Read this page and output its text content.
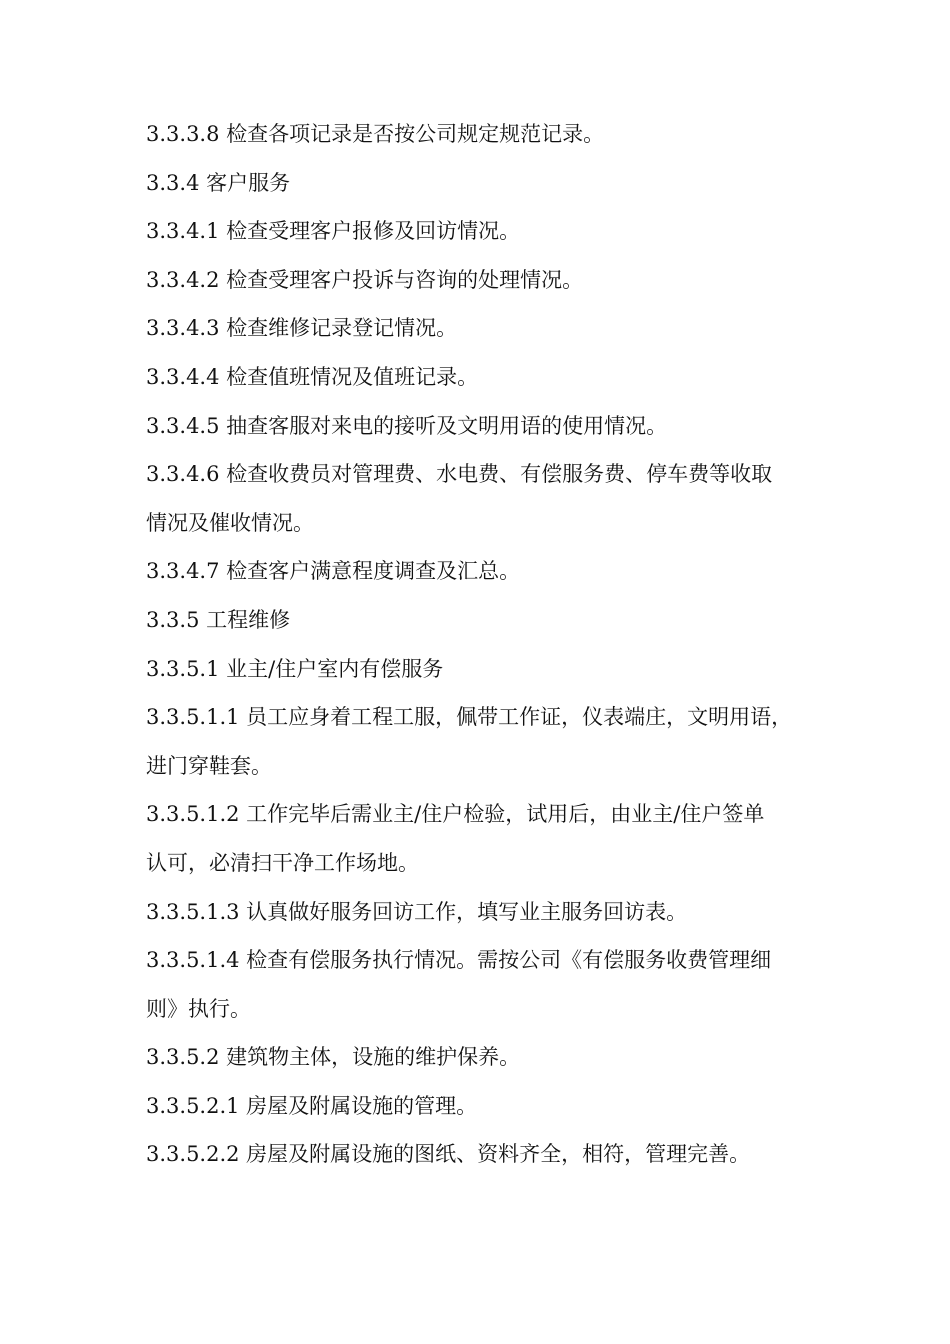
3.3.3.8 检查各项记录是否按公司规定规范记录。
3.3.4 客户服务
3.3.4.1 检查受理客户报修及回访情况。
3.3.4.2 检查受理客户投诉与咨询的处理情况。
3.3.4.3 检查维修记录登记情况。
3.3.4.4 检查值班情况及值班记录。
3.3.4.5 抽查客服对来电的接听及文明用语的使用情况。
3.3.4.6 检查收费员对管理费、水电费、有偿服务费、停车费等收取
情况及催收情况。
3.3.4.7 检查客户满意程度调查及汇总。
3.3.5 工程维修
3.3.5.1 业主/住户室内有偿服务
3.3.5.1.1 员工应身着工程工服，佩带工作证，仪表端庄，文明用语，
进门穿鞋套。
3.3.5.1.2 工作完毕后需业主/住户检验，试用后，由业主/住户签单
认可，必清扫干净工作场地。
3.3.5.1.3 认真做好服务回访工作，填写业主服务回访表。
3.3.5.1.4 检查有偿服务执行情况。需按公司《有偿服务收费管理细
则》执行。
3.3.5.2 建筑物主体，设施的维护保养。
3.3.5.2.1 房屋及附属设施的管理。
3.3.5.2.2 房屋及附属设施的图纸、资料齐全，相符，管理完善。
